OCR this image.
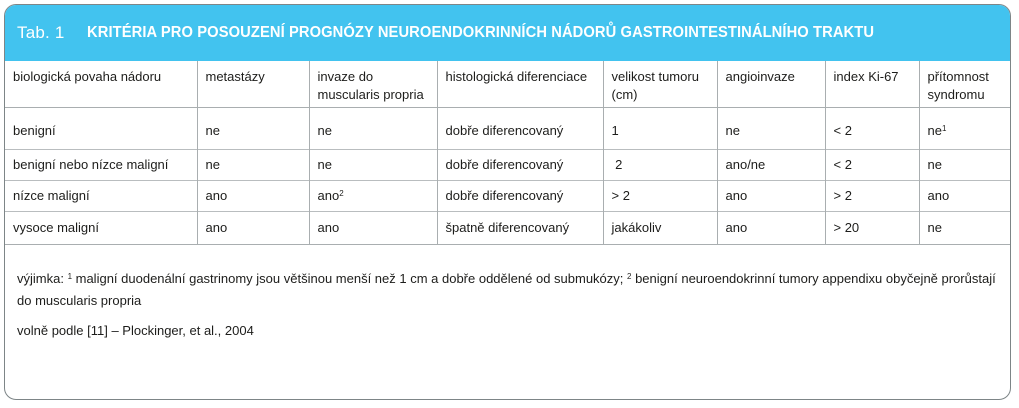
Tab. 1	KRITÉRIA PRO POSOUZENÍ PROGNÓZY NEUROENDOKRINNÍCH NÁDORŮ GASTROINTESTINÁLNÍHO TRAKTU
biologická povaha nádoru	metastázy	invaze do muscularis propria	histologická diferenciace	velikost tumoru (cm)	angioinvaze	index Ki-67	přítomnost syndromu
benigní	ne	ne	dobře diferencovaný	1	ne	< 2	$ne^1$
benigní nebo nízce maligní	ne	ne	dobře diferencovaný	2	ano/ne	< 2	ne
nízce maligní	ano	ano$^2$	dobře diferencovaný	> 2	ano	> 2	ano
vysoce maligní	ano	ano	špatně diferencovaný	jakákoliv	ano	> 20	ne
výjimka: $^1$ maligní duodenální gastrinomy jsou většinou menší než 1 cm a dobře oddělené od submukózy; $^2$ benigní neuroendokrinní tumory appendixu obyčejně prorůstají do muscularis propria
volně podle [11] – Plockinger, et al., 2004
